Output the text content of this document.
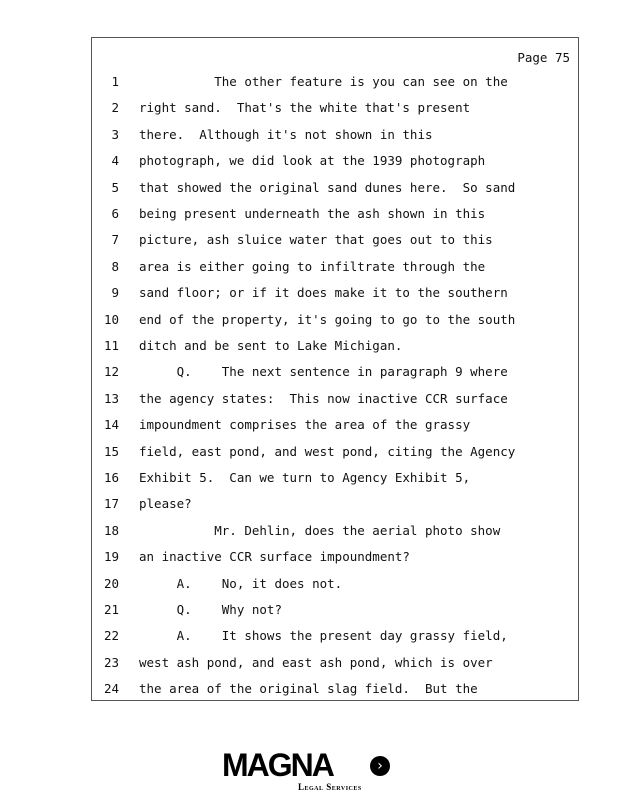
Page 75
1 The other feature is you can see on the
2 right sand.  That's the white that's present
3 there.  Although it's not shown in this
4 photograph, we did look at the 1939 photograph
5 that showed the original sand dunes here.  So sand
6 being present underneath the ash shown in this
7 picture, ash sluice water that goes out to this
8 area is either going to infiltrate through the
9 sand floor; or if it does make it to the southern
10 end of the property, it's going to go to the south
11 ditch and be sent to Lake Michigan.
12 Q.    The next sentence in paragraph 9 where
13 the agency states:  This now inactive CCR surface
14 impoundment comprises the area of the grassy
15 field, east pond, and west pond, citing the Agency
16 Exhibit 5.  Can we turn to Agency Exhibit 5,
17 please?
18 Mr. Dehlin, does the aerial photo show
19 an inactive CCR surface impoundment?
20 A.    No, it does not.
21 Q.    Why not?
22 A.    It shows the present day grassy field,
23 west ash pond, and east ash pond, which is over
24 the area of the original slag field.  But the
MAGNA	›
Legal Services
